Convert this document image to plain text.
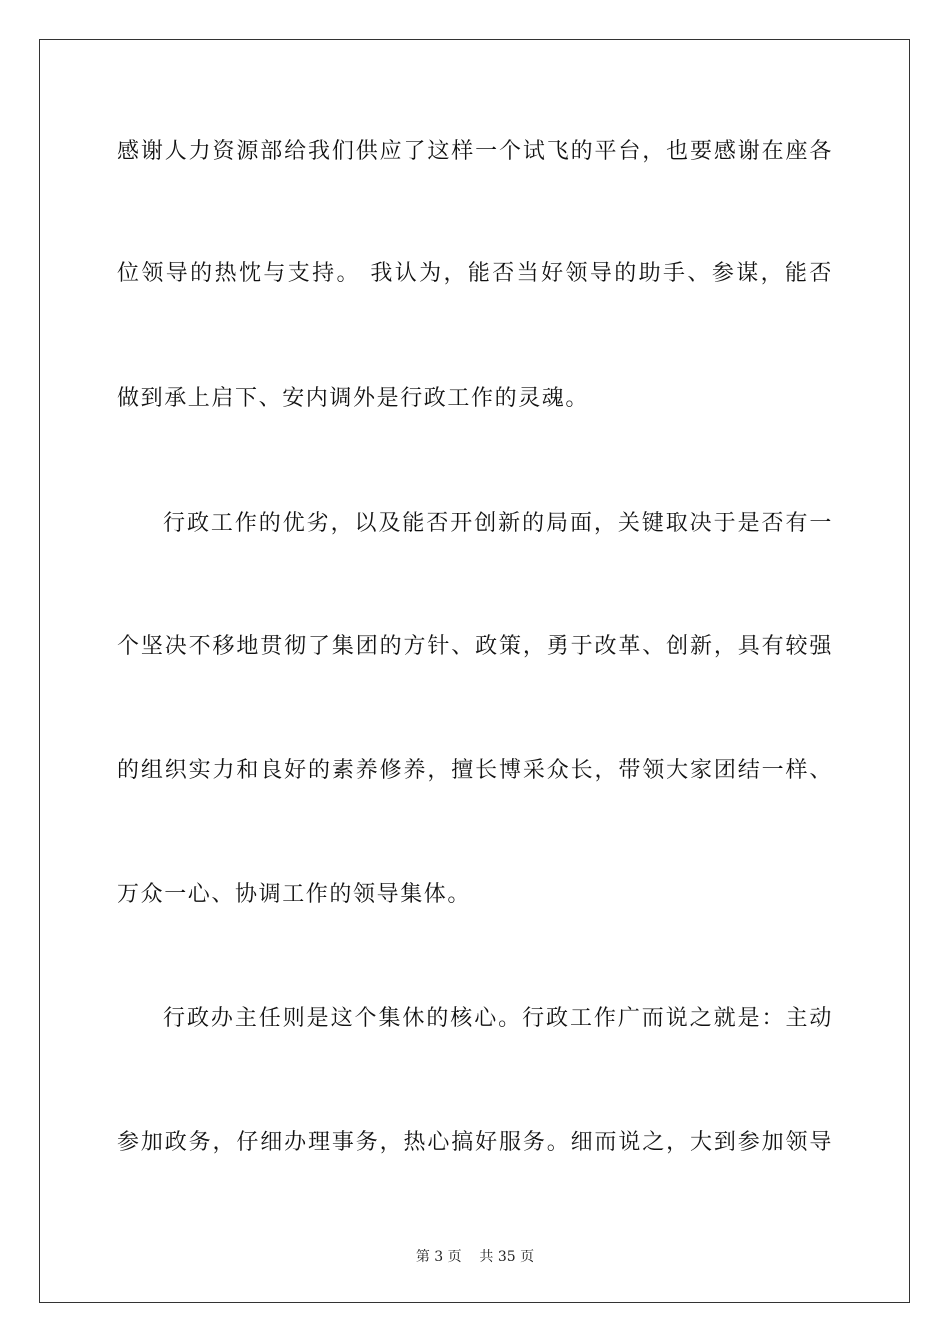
感谢人力资源部给我们供应了这样一个试飞的平台，也要感谢在座各
位领导的热忱与支持。 我认为，能否当好领导的助手、参谋，能否
做到承上启下、安内调外是行政工作的灵魂。
行政工作的优劣，以及能否开创新的局面，关键取决于是否有一
个坚决不移地贯彻了集团的方针、政策，勇于改革、创新，具有较强
的组织实力和良好的素养修养，擅长博采众长，带领大家团结一样、
万众一心、协调工作的领导集体。
行政办主任则是这个集休的核心。行政工作广而说之就是：主动
参加政务，仔细办理事务，热心搞好服务。细而说之，大到参加领导
第 3 页    共 35 页
